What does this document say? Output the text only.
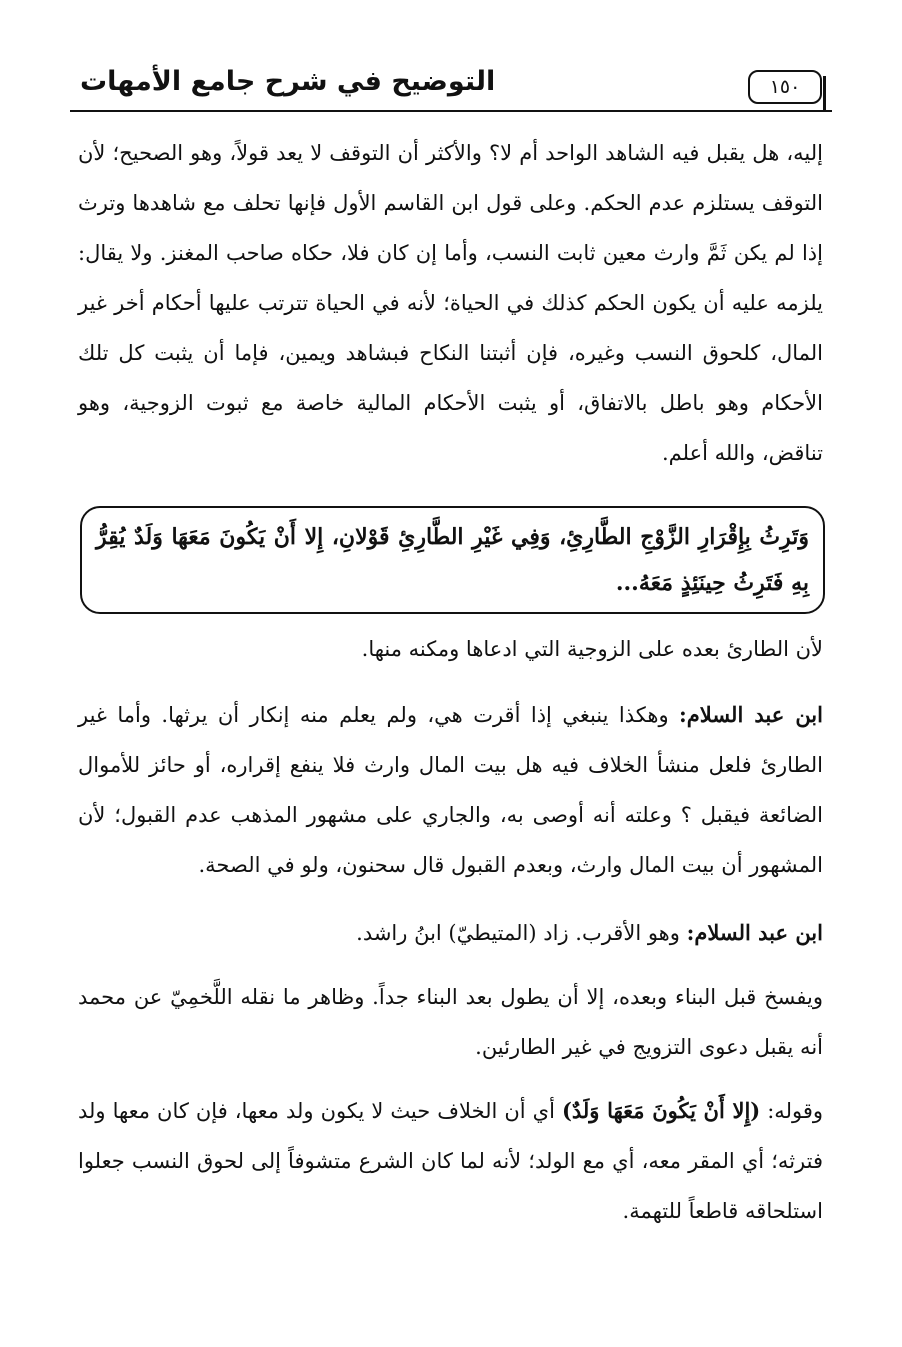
التوضيح في شرح جامع الأمهات	١٥٠
إليه، هل يقبل فيه الشاهد الواحد أم لا؟ والأكثر أن التوقف لا يعد قولاً، وهو الصحيح؛ لأن التوقف يستلزم عدم الحكم. وعلى قول ابن القاسم الأول فإنها تحلف مع شاهدها وترث إذا لم يكن ثَمَّ وارث معين ثابت النسب، وأما إن كان فلا، حكاه صاحب المغنز. ولا يقال: يلزمه عليه أن يكون الحكم كذلك في الحياة؛ لأنه في الحياة تترتب عليها أحكام أخر غير المال، كلحوق النسب وغيره، فإن أثبتنا النكاح فبشاهد ويمين، فإما أن يثبت كل تلك الأحكام وهو باطل بالاتفاق، أو يثبت الأحكام المالية خاصة مع ثبوت الزوجية، وهو تناقض، والله أعلم.
وَتَرِثُ بِإِقْرَارِ الزَّوْجِ الطَّارِئِ، وَفِي غَيْرِ الطَّارِئِ قَوْلانِ، إِلا أَنْ يَكُونَ مَعَهَا وَلَدٌ يُقِرُّ بِهِ فَتَرِثُ حِينَئِذٍ مَعَهُ...
لأن الطارئ بعده على الزوجية التي ادعاها ومكنه منها.
ابن عبد السلام: وهكذا ينبغي إذا أقرت هي، ولم يعلم منه إنكار أن يرثها. وأما غير الطارئ فلعل منشأ الخلاف فيه هل بيت المال وارث فلا ينفع إقراره، أو حائز للأموال الضائعة فيقبل ؟ وعلته أنه أوصى به، والجاري على مشهور المذهب عدم القبول؛ لأن المشهور أن بيت المال وارث، وبعدم القبول قال سحنون، ولو في الصحة.
ابن عبد السلام: وهو الأقرب. زاد (المتيطيّ) ابنُ راشد.
ويفسخ قبل البناء وبعده، إلا أن يطول بعد البناء جداً. وظاهر ما نقله اللَّخمِيّ عن محمد أنه يقبل دعوى التزويج في غير الطارئين.
وقوله: (إِلا أَنْ يَكُونَ مَعَهَا وَلَدٌ) أي أن الخلاف حيث لا يكون ولد معها، فإن كان معها ولد فترثه؛ أي المقر معه، أي مع الولد؛ لأنه لما كان الشرع متشوفاً إلى لحوق النسب جعلوا استلحاقه قاطعاً للتهمة.
